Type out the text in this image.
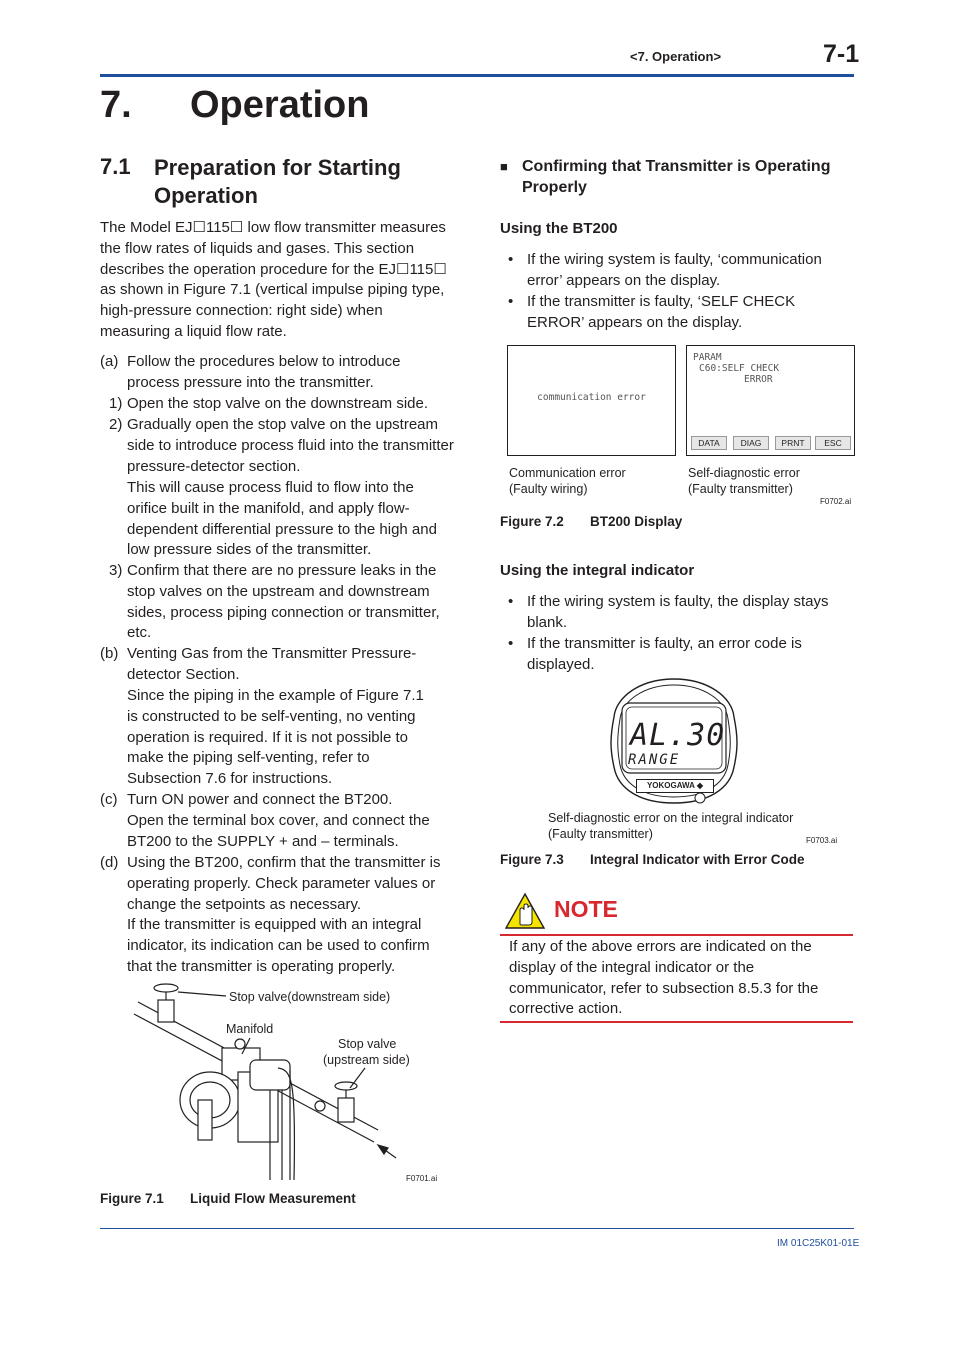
<7. Operation>	7-1
7. Operation
7.1 Preparation for Starting Operation
The Model EJ☐115☐ low flow transmitter measures the flow rates of liquids and gases. This section describes the operation procedure for the EJ☐115☐ as shown in Figure 7.1 (vertical impulse piping type, high-pressure connection: right side) when measuring a liquid flow rate.
(a) Follow the procedures below to introduce process pressure into the transmitter.
1) Open the stop valve on the downstream side.
2) Gradually open the stop valve on the upstream side to introduce process fluid into the transmitter pressure-detector section.
This will cause process fluid to flow into the orifice built in the manifold, and apply flow-dependent differential pressure to the high and low pressure sides of the transmitter.
3) Confirm that there are no pressure leaks in the stop valves on the upstream and downstream sides, process piping connection or transmitter, etc.
(b) Venting Gas from the Transmitter Pressure-detector Section.
Since the piping in the example of Figure 7.1 is constructed to be self-venting, no venting operation is required. If it is not possible to make the piping self-venting, refer to Subsection 7.6 for instructions.
(c) Turn ON power and connect the BT200.
Open the terminal box cover, and connect the BT200 to the SUPPLY + and – terminals.
(d) Using the BT200, confirm that the transmitter is operating properly. Check parameter values or change the setpoints as necessary.
If the transmitter is equipped with an integral indicator, its indication can be used to confirm that the transmitter is operating properly.
Stop valve(downstream side)
Manifold
Stop valve
(upstream side)
F0701.ai
Figure 7.1 Liquid Flow Measurement
■ Confirming that Transmitter is Operating Properly
Using the BT200
• If the wiring system is faulty, ‘communication error’ appears on the display.
• If the transmitter is faulty, ‘SELF CHECK ERROR’ appears on the display.
communication error
PARAM
C60:SELF CHECK
ERROR
DATA	DIAG	PRNT	ESC
Communication error
(Faulty wiring)
Self-diagnostic error
(Faulty transmitter)
F0702.ai
Figure 7.2 BT200 Display
Using the integral indicator
• If the wiring system is faulty, the display stays blank.
• If the transmitter is faulty, an error code is displayed.
AL.30
RANGE
YOKOGAWA ◆
Self-diagnostic error on the integral indicator
(Faulty transmitter)	F0703.ai
Figure 7.3 Integral Indicator with Error Code
NOTE
If any of the above errors are indicated on the display of the integral indicator or the communicator, refer to subsection 8.5.3 for the corrective action.
IM 01C25K01-01E
